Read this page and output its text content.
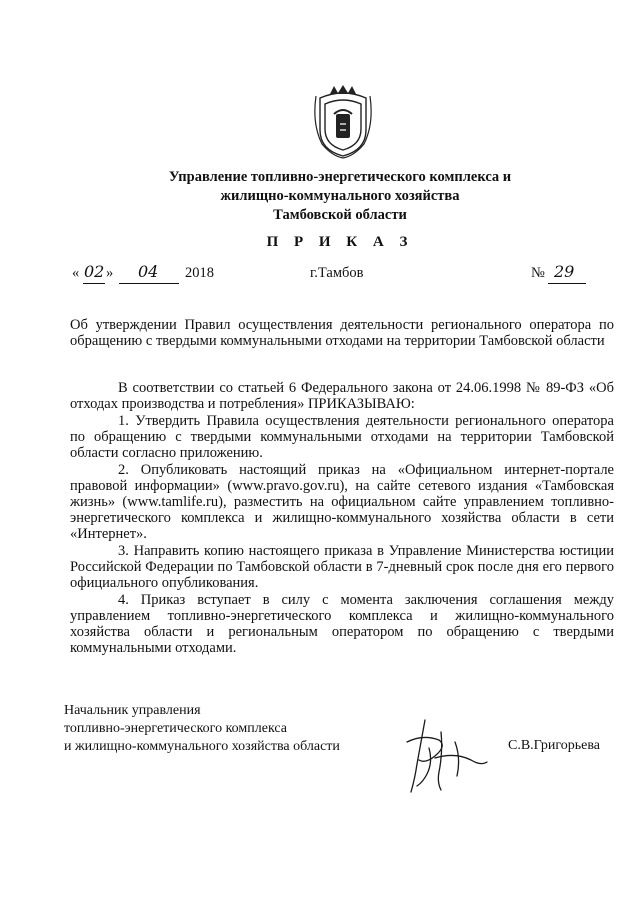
Управление топливно-энергетического комплекса и
жилищно-коммунального хозяйства
Тамбовской области
П Р И К А З
« 02 » 04 2018	г.Тамбов	№ 29
Об утверждении Правил осуществления деятельности регионального оператора по обращению с твердыми коммунальными отходами на территории Тамбовской области

В соответствии со статьей 6 Федерального закона от 24.06.1998 № 89-ФЗ «Об отходах производства и потребления» ПРИКАЗЫВАЮ:

1. Утвердить Правила осуществления деятельности регионального оператора по обращению с твердыми коммунальными отходами на территории Тамбовской области согласно приложению.

2. Опубликовать настоящий приказ на «Официальном интернет-портале правовой информации» (www.pravo.gov.ru), на сайте сетевого издания «Тамбовская жизнь» (www.tamlife.ru), разместить на официальном сайте управлением топливно-энергетического комплекса и жилищно-коммунального хозяйства области в сети «Интернет».

3. Направить копию настоящего приказа в Управление Министерства юстиции Российской Федерации по Тамбовской области в 7-дневный срок после дня его первого официального опубликования.

4. Приказ вступает в силу с момента заключения соглашения между управлением топливно-энергетического комплекса и жилищно-коммунального хозяйства области и региональным оператором по обращению с твердыми коммунальными отходами.

Начальник управления
топливно-энергетического комплекса
и жилищно-коммунального хозяйства области	С.В.Григорьева
